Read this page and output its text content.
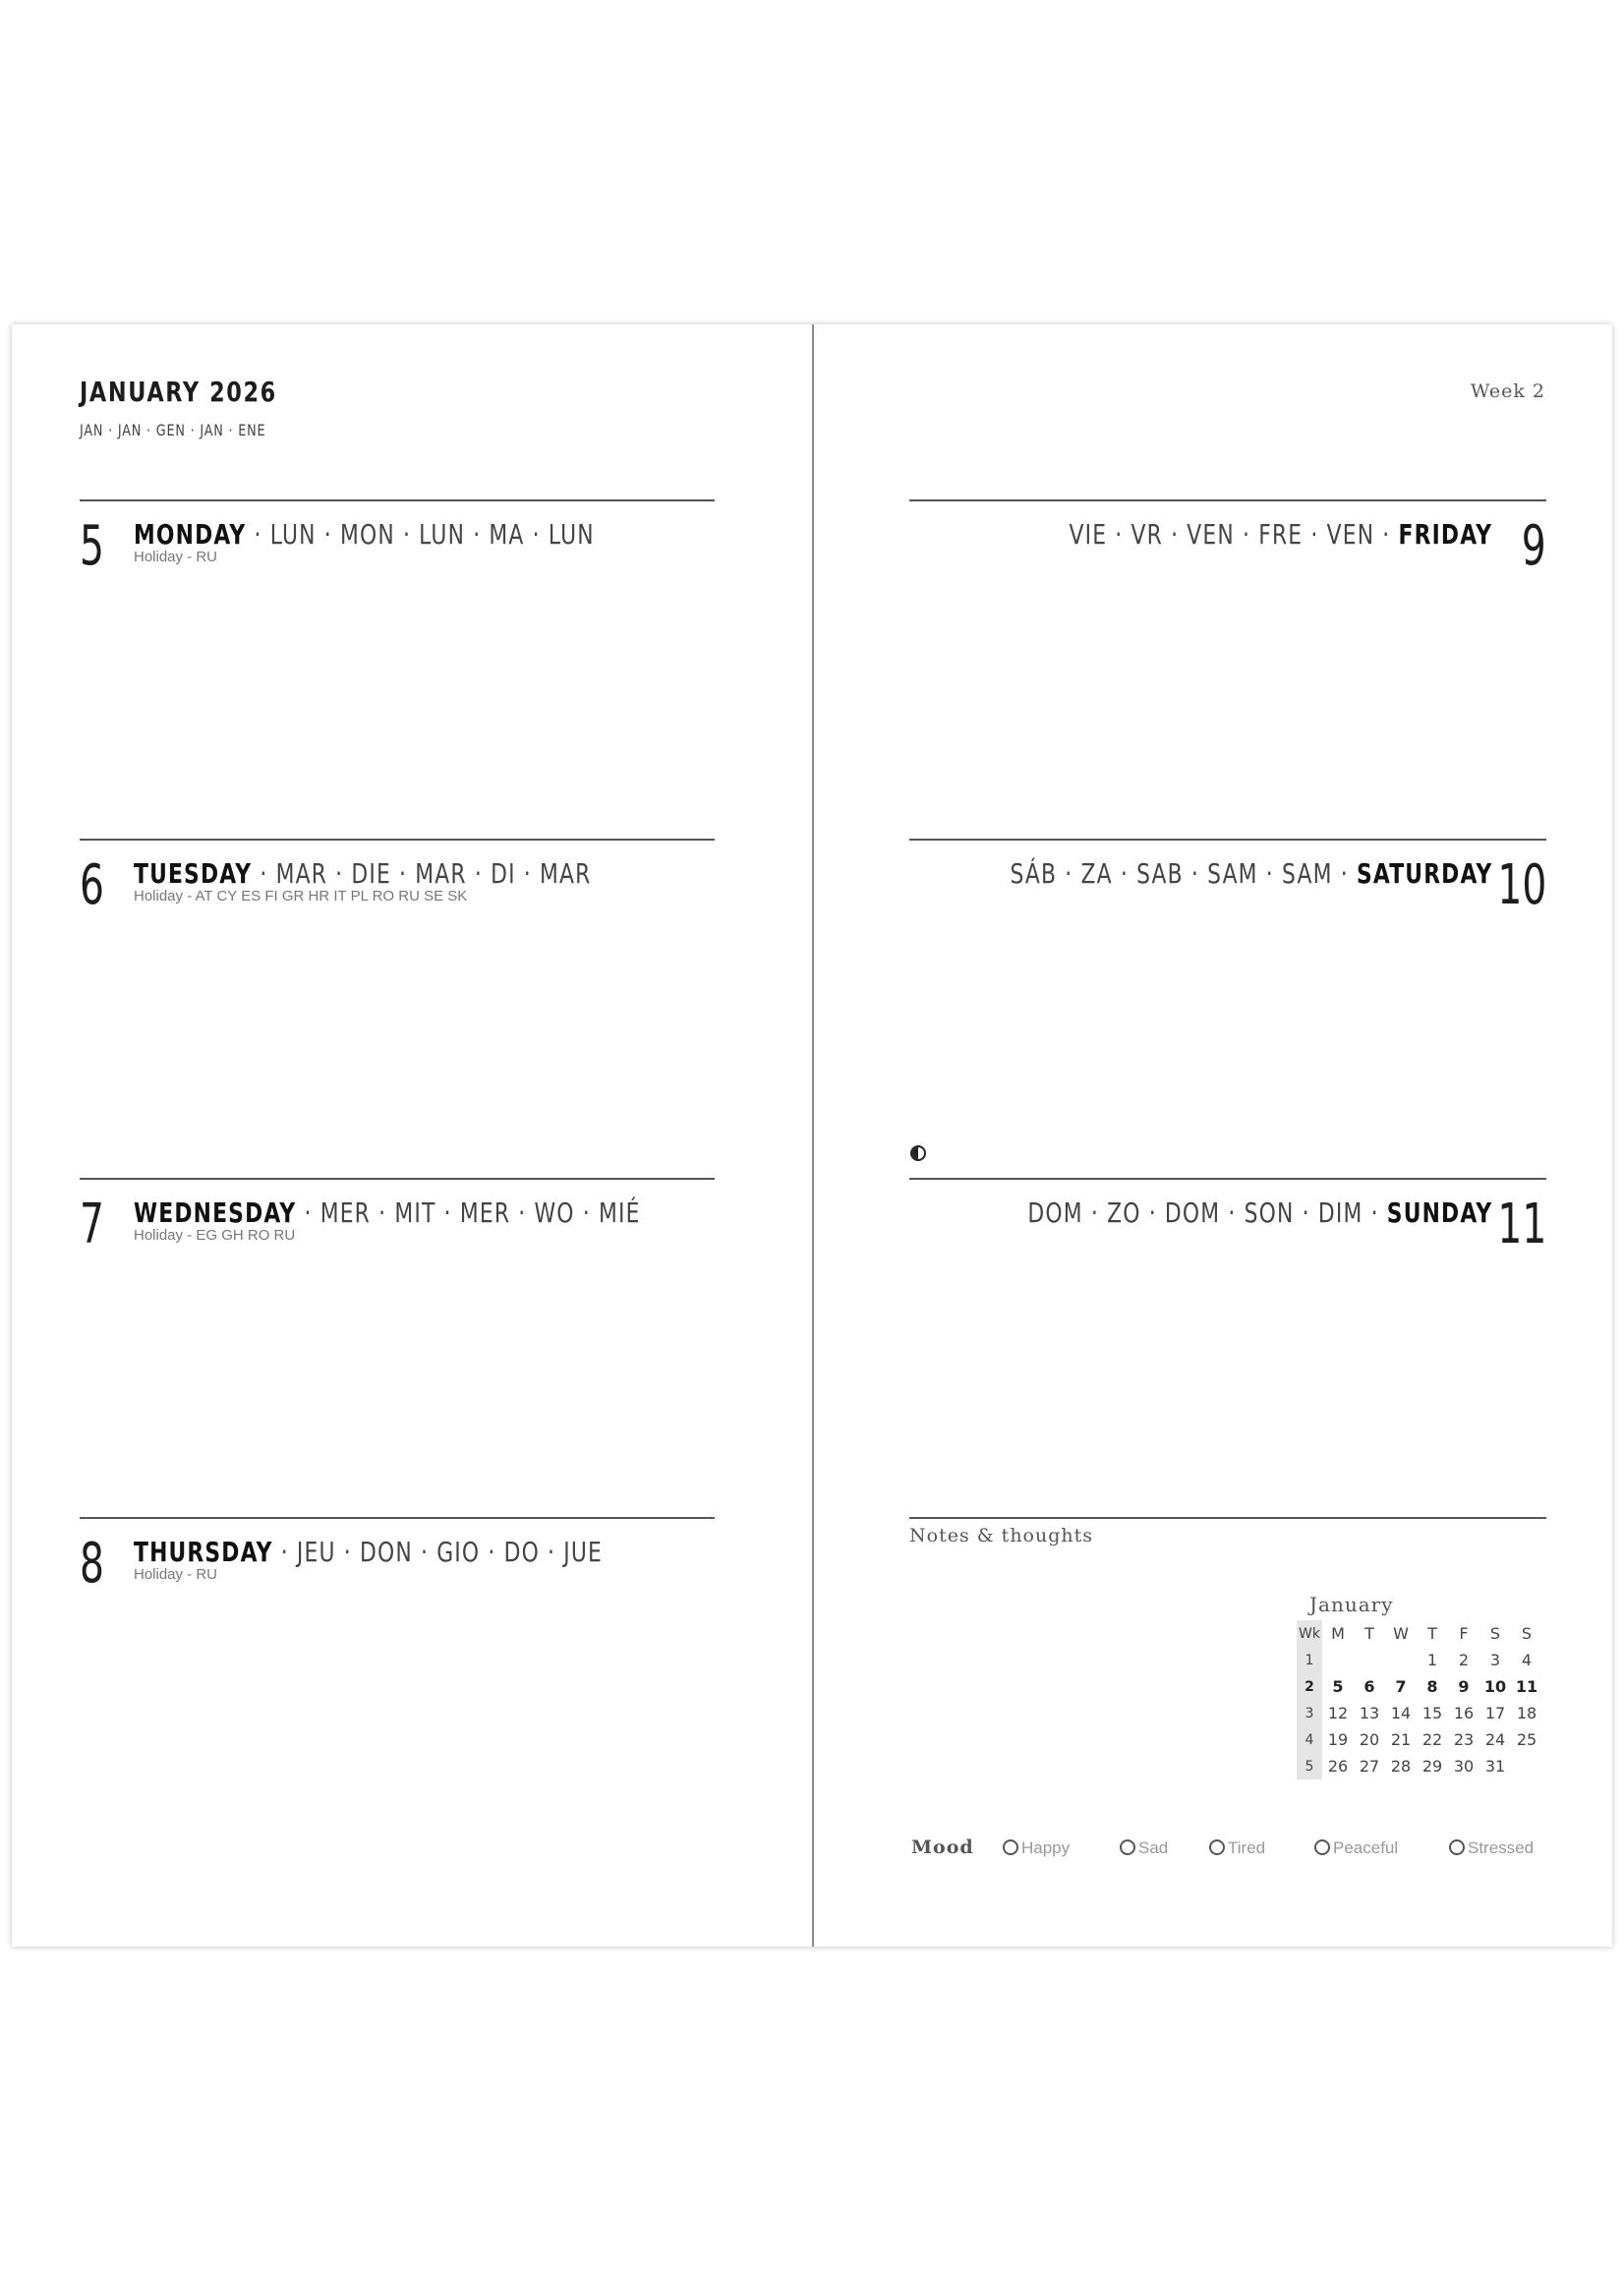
JANUARY 2026
JAN · JAN · GEN · JAN · ENE
Week 2
5 MONDAY · LUN · MON · LUN · MA · LUN
Holiday - RU
6 TUESDAY · MAR · DIE · MAR · DI · MAR
Holiday - AT CY ES FI GR HR IT PL RO RU SE SK
7 WEDNESDAY · MER · MIT · MER · WO · MIÉ
Holiday - EG GH RO RU
8 THURSDAY · JEU · DON · GIO · DO · JUE
Holiday - RU
9
VIE · VR · VEN · FRE · VEN · FRIDAY
10
SÁB · ZA · SAB · SAM · SAM · SATURDAY
11
DOM · ZO · DOM · SON · DIM · SUNDAY
Notes & thoughts
January
Wk	M	T	W	T	F	S	S
1				1	2	3	4
2	5	6	7	8	9	10	11
3	12	13	14	15	16	17	18
4	19	20	21	22	23	24	25
5	26	27	28	29	30	31	
Mood	Happy	Sad	Tired	Peaceful	Stressed
